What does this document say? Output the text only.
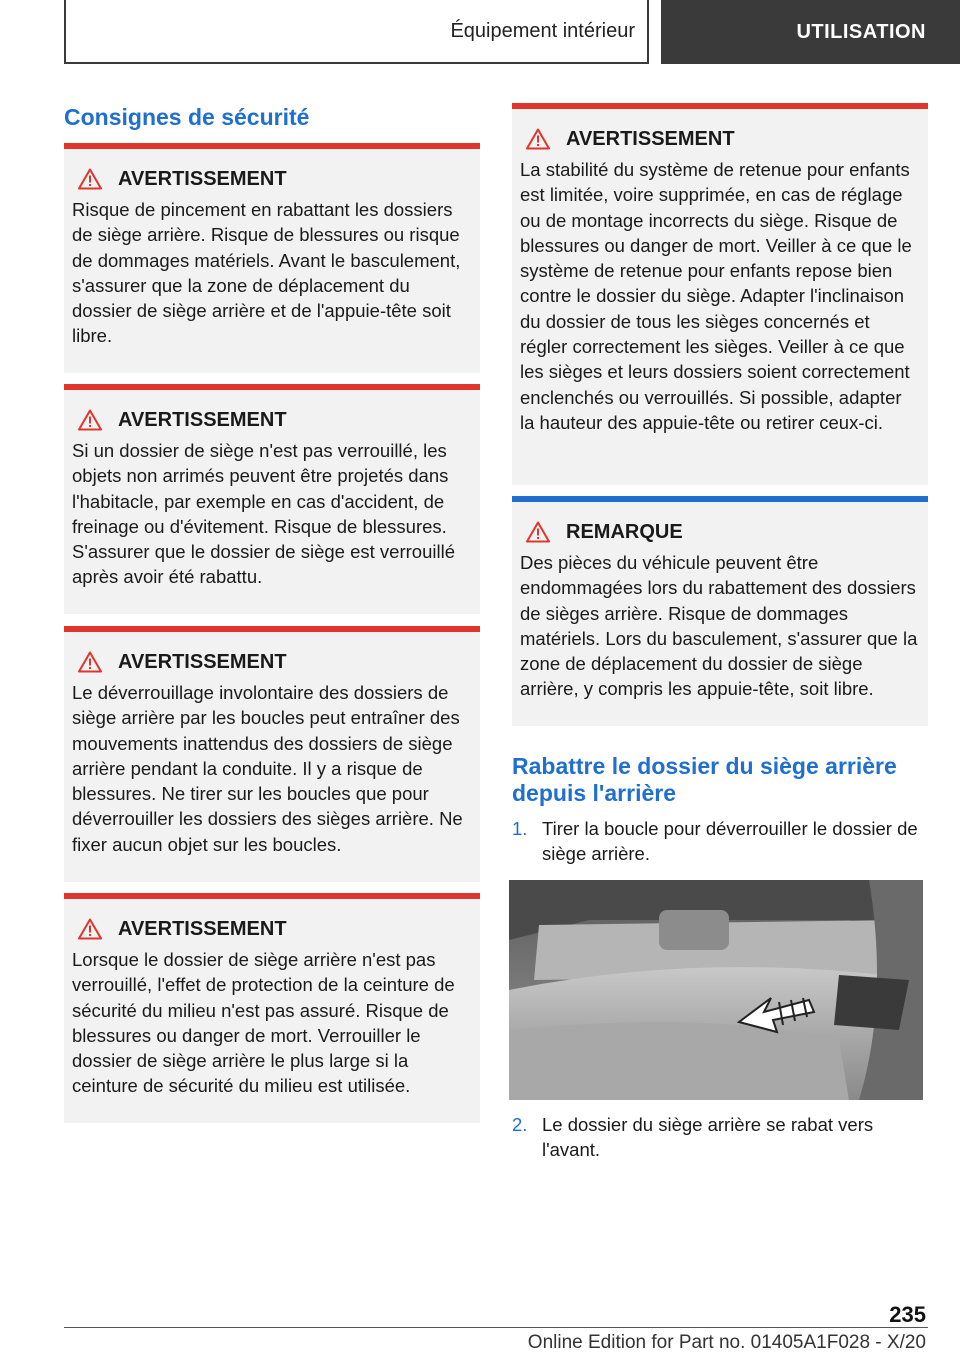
Équipement intérieur	UTILISATION
Consignes de sécurité
AVERTISSEMENT

Risque de pincement en rabattant les dossiers de siège arrière. Risque de blessures ou risque de dommages matériels. Avant le basculement, s'assurer que la zone de déplacement du dossier de siège arrière et de l'appuie-tête soit libre.

AVERTISSEMENT

Si un dossier de siège n'est pas verrouillé, les objets non arrimés peuvent être projetés dans l'habitacle, par exemple en cas d'accident, de freinage ou d'évitement. Risque de blessures. S'assurer que le dossier de siège est verrouillé après avoir été rabattu.

AVERTISSEMENT

Le déverrouillage involontaire des dossiers de siège arrière par les boucles peut entraîner des mouvements inattendus des dossiers de siège arrière pendant la conduite. Il y a risque de blessures. Ne tirer sur les boucles que pour déverrouiller les dossiers des sièges arrière. Ne fixer aucun objet sur les boucles.

AVERTISSEMENT

Lorsque le dossier de siège arrière n'est pas verrouillé, l'effet de protection de la ceinture de sécurité du milieu n'est pas assuré. Risque de blessures ou danger de mort. Verrouiller le dossier de siège arrière le plus large si la ceinture de sécurité du milieu est utilisée.

AVERTISSEMENT

La stabilité du système de retenue pour enfants est limitée, voire supprimée, en cas de réglage ou de montage incorrects du siège. Risque de blessures ou danger de mort. Veiller à ce que le système de retenue pour enfants repose bien contre le dossier du siège. Adapter l'inclinaison du dossier de tous les sièges concernés et régler correctement les sièges. Veiller à ce que les sièges et leurs dossiers soient correctement enclenchés ou verrouillés. Si possible, adapter la hauteur des appuie-tête ou retirer ceux-ci.

REMARQUE

Des pièces du véhicule peuvent être endommagées lors du rabattement des dossiers de sièges arrière. Risque de dommages matériels. Lors du basculement, s'assurer que la zone de déplacement du dossier de siège arrière, y compris les appuie-tête, soit libre.

Rabattre le dossier du siège arrière depuis l'arrière
1. Tirer la boucle pour déverrouiller le dossier de siège arrière.
2. Le dossier du siège arrière se rabat vers l'avant.
235
Online Edition for Part no. 01405A1F028 - X/20
